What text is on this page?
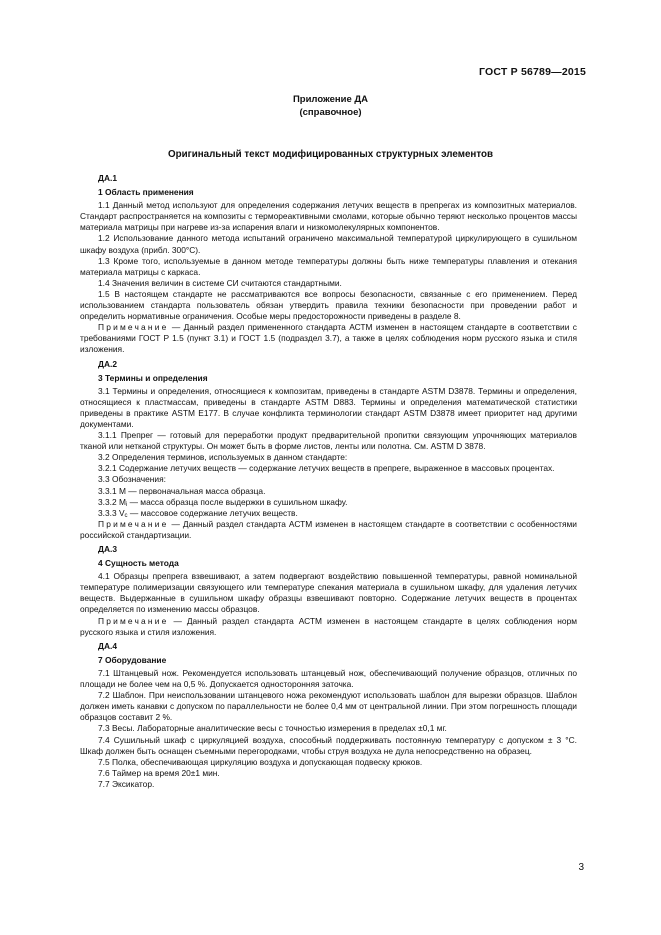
ГОСТ Р 56789—2015
Приложение ДА
(справочное)
Оригинальный текст модифицированных структурных элементов

ДА.1

1 Область применения

1.1 Данный метод используют для определения содержания летучих веществ в препрегах из композитных материалов. Стандарт распространяется на композиты с термореактивными смолами, которые обычно теряют несколько процентов массы материала матрицы при нагреве из-за испарения влаги и низкомолекулярных компонентов.

1.2 Использование данного метода испытаний ограничено максимальной температурой циркулирующего в сушильном шкафу воздуха (прибл. 300°С).

1.3 Кроме того, используемые в данном методе температуры должны быть ниже температуры плавления и отекания материала матрицы с каркаса.

1.4 Значения величин в системе СИ считаются стандартными.

1.5 В настоящем стандарте не рассматриваются все вопросы безопасности, связанные с его применением. Перед использованием стандарта пользователь обязан утвердить правила техники безопасности при проведении работ и определить нормативные ограничения. Особые меры предосторожности приведены в разделе 8.

Примечание — Данный раздел примененного стандарта АСТМ изменен в настоящем стандарте в соответствии с требованиями ГОСТ Р 1.5 (пункт 3.1) и ГОСТ 1.5 (подраздел 3.7), а также в целях соблюдения норм русского языка и стиля изложения.

ДА.2

3 Термины и определения

3.1 Термины и определения, относящиеся к композитам, приведены в стандарте ASTM D3878. Термины и определения, относящиеся к пластмассам, приведены в стандарте ASTM D883. Термины и определения математической статистики приведены в практике ASTM E177. В случае конфликта терминологии стандарт ASTM D3878 имеет приоритет над другими документами.

3.1.1 Препрег — готовый для переработки продукт предварительной пропитки связующим упрочняющих материалов тканой или нетканой структуры. Он может быть в форме листов, ленты или полотна. См. ASTM D 3878.

3.2 Определения терминов, используемых в данном стандарте:

3.2.1 Содержание летучих веществ — содержание летучих веществ в препреге, выраженное в массовых процентах.

3.3 Обозначения:

3.3.1 М — первоначальная масса образца.

3.3.2 $М_i$ — масса образца после выдержки в сушильном шкафу.

3.3.3 $V_c$ — массовое содержание летучих веществ.

Примечание — Данный раздел стандарта АСТМ изменен в настоящем стандарте в соответствии с особенностями российской стандартизации.

ДА.3

4 Сущность метода

4.1 Образцы препрега взвешивают, а затем подвергают воздействию повышенной температуры, равной номинальной температуре полимеризации связующего или температуре спекания материала в сушильном шкафу, для удаления летучих веществ. Выдержанные в сушильном шкафу образцы взвешивают повторно. Содержание летучих веществ в процентах определяется по изменению массы образцов.

Примечание — Данный раздел стандарта АСТМ изменен в настоящем стандарте в целях соблюдения норм русского языка и стиля изложения.

ДА.4

7 Оборудование

7.1 Штанцевый нож. Рекомендуется использовать штанцевый нож, обеспечивающий получение образцов, отличных по площади не более чем на 0,5 %. Допускается односторонняя заточка.

7.2 Шаблон. При неиспользовании штанцевого ножа рекомендуют использовать шаблон для вырезки образцов. Шаблон должен иметь канавки с допуском по параллельности не более 0,4 мм от центральной линии. При этом погрешность площади образцов составит 2 %.

7.3 Весы. Лабораторные аналитические весы с точностью измерения в пределах ±0,1 мг.

7.4 Сушильный шкаф с циркуляцией воздуха, способный поддерживать постоянную температуру с допуском ± 3 °С. Шкаф должен быть оснащен съемными перегородками, чтобы струя воздуха не дула непосредственно на образец.

7.5 Полка, обеспечивающая циркуляцию воздуха и допускающая подвеску крюков.

7.6 Таймер на время 20±1 мин.

7.7 Эксикатор.

3
